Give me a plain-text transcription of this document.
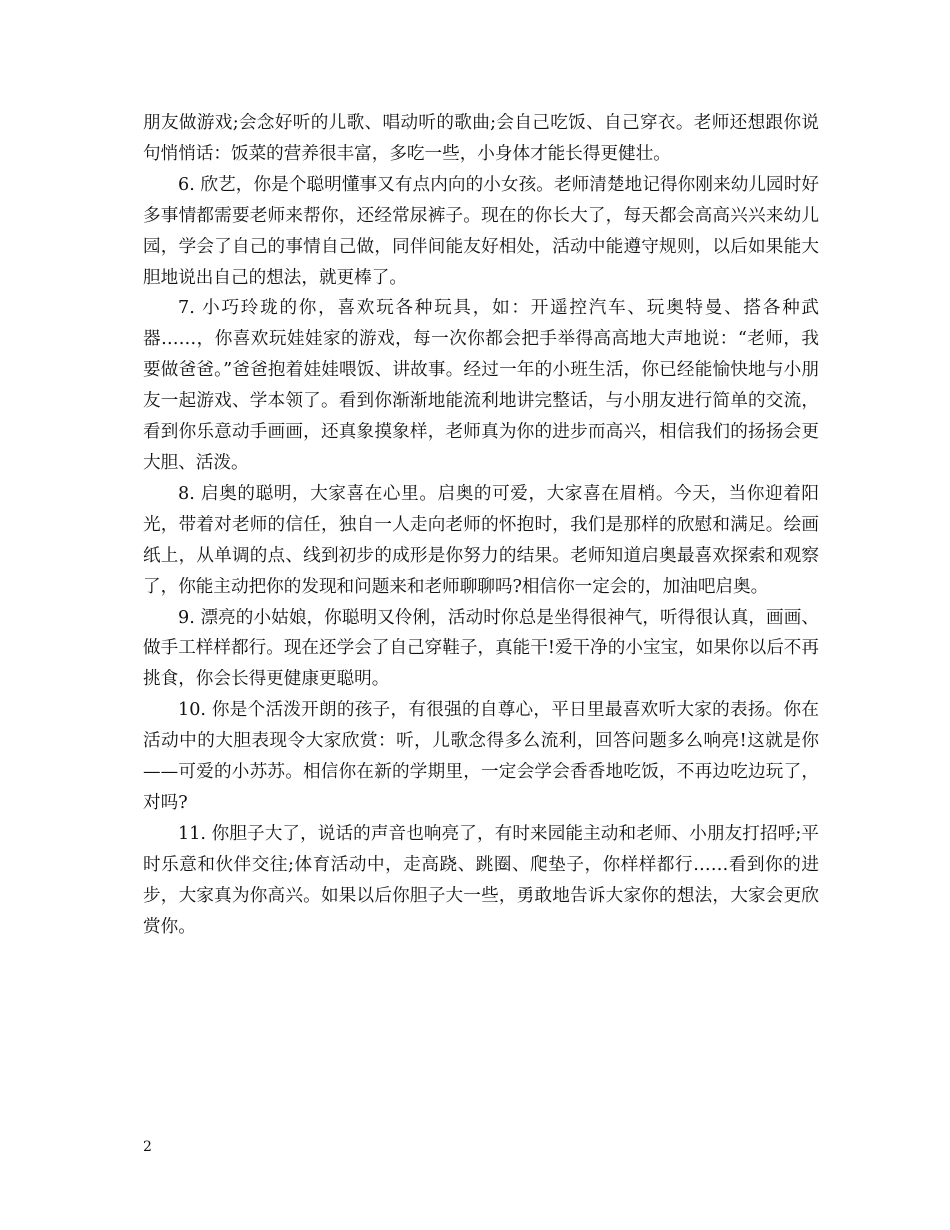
朋友做游戏;会念好听的儿歌、唱动听的歌曲;会自己吃饭、自己穿衣。老师还想跟你说句悄悄话：饭菜的营养很丰富，多吃一些，小身体才能长得更健壮。

6. 欣艺，你是个聪明懂事又有点内向的小女孩。老师清楚地记得你刚来幼儿园时好多事情都需要老师来帮你，还经常尿裤子。现在的你长大了，每天都会高高兴兴来幼儿园，学会了自己的事情自己做，同伴间能友好相处，活动中能遵守规则，以后如果能大胆地说出自己的想法，就更棒了。

7. 小巧玲珑的你，喜欢玩各种玩具，如：开遥控汽车、玩奥特曼、搭各种武器……，你喜欢玩娃娃家的游戏，每一次你都会把手举得高高地大声地说：“老师，我要做爸爸。”爸爸抱着娃娃喂饭、讲故事。经过一年的小班生活，你已经能愉快地与小朋友一起游戏、学本领了。看到你渐渐地能流利地讲完整话，与小朋友进行简单的交流，看到你乐意动手画画，还真象摸象样，老师真为你的进步而高兴，相信我们的扬扬会更大胆、活泼。

8. 启奥的聪明，大家喜在心里。启奥的可爱，大家喜在眉梢。今天，当你迎着阳光，带着对老师的信任，独自一人走向老师的怀抱时，我们是那样的欣慰和满足。绘画纸上，从单调的点、线到初步的成形是你努力的结果。老师知道启奥最喜欢探索和观察了，你能主动把你的发现和问题来和老师聊聊吗?相信你一定会的，加油吧启奥。

9. 漂亮的小姑娘，你聪明又伶俐，活动时你总是坐得很神气，听得很认真，画画、做手工样样都行。现在还学会了自己穿鞋子，真能干!爱干净的小宝宝，如果你以后不再挑食，你会长得更健康更聪明。

10. 你是个活泼开朗的孩子，有很强的自尊心，平日里最喜欢听大家的表扬。你在活动中的大胆表现令大家欣赏：听，儿歌念得多么流利，回答问题多么响亮!这就是你——可爱的小苏苏。相信你在新的学期里，一定会学会香香地吃饭，不再边吃边玩了，对吗?

11. 你胆子大了，说话的声音也响亮了，有时来园能主动和老师、小朋友打招呼;平时乐意和伙伴交往;体育活动中，走高跷、跳圈、爬垫子，你样样都行……看到你的进步，大家真为你高兴。如果以后你胆子大一些，勇敢地告诉大家你的想法，大家会更欣赏你。

2
